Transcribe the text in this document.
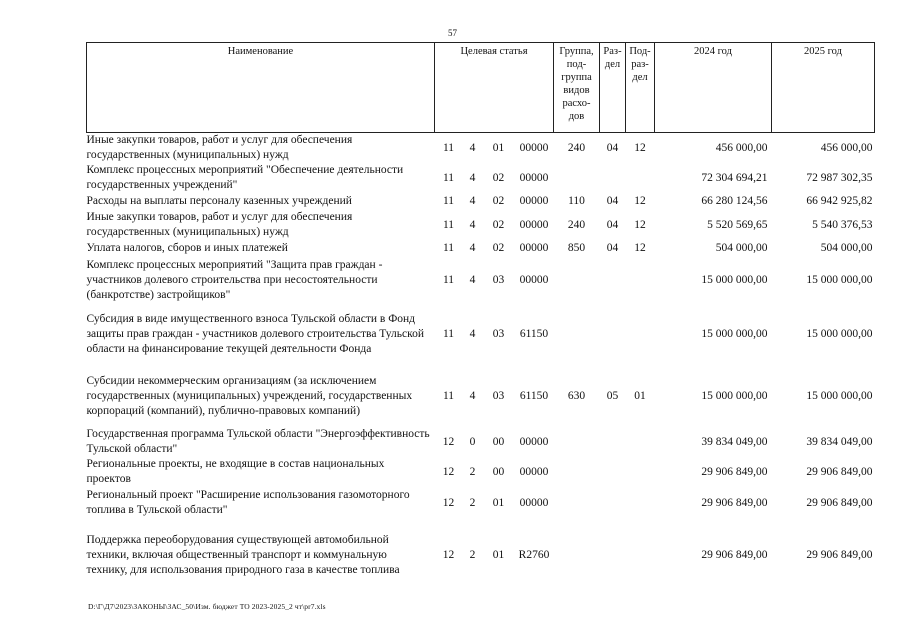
57
Наименование	Целевая статья				Группа, под-группа видов расхо-дов	Раз-дел	Под-раз-дел	2024 год	2025 год
Иные закупки товаров, работ и услуг для обеспечения государственных (муниципальных) нужд	11	4	01	00000	240	04	12	456 000,00	456 000,00
Комплекс процессных мероприятий "Обеспечение деятельности государственных учреждений"	11	4	02	00000				72 304 694,21	72 987 302,35
Расходы на выплаты персоналу казенных учреждений	11	4	02	00000	110	04	12	66 280 124,56	66 942 925,82
Иные закупки товаров, работ и услуг для обеспечения государственных (муниципальных) нужд	11	4	02	00000	240	04	12	5 520 569,65	5 540 376,53
Уплата налогов, сборов и иных платежей	11	4	02	00000	850	04	12	504 000,00	504 000,00
Комплекс процессных мероприятий "Защита прав граждан - участников долевого строительства при несостоятельности (банкротстве) застройщиков"	11	4	03	00000				15 000 000,00	15 000 000,00
Субсидия в виде имущественного взноса Тульской области в Фонд защиты прав граждан - участников долевого строительства Тульской области на финансирование текущей деятельности Фонда	11	4	03	61150				15 000 000,00	15 000 000,00
Субсидии некоммерческим организациям (за исключением государственных (муниципальных) учреждений, государственных корпораций (компаний), публично-правовых компаний)	11	4	03	61150	630	05	01	15 000 000,00	15 000 000,00
Государственная программа Тульской области "Энергоэффективность Тульской области"	12	0	00	00000				39 834 049,00	39 834 049,00
Региональные проекты, не входящие в состав национальных проектов	12	2	00	00000				29 906 849,00	29 906 849,00
Региональный проект "Расширение использования газомоторного топлива в Тульской области"	12	2	01	00000				29 906 849,00	29 906 849,00
Поддержка переоборудования существующей автомобильной техники, включая общественный транспорт и коммунальную технику, для использования природного газа в качестве топлива	12	2	01	R2760				29 906 849,00	29 906 849,00
D:\Г\Д7\2023\ЗАКОНЫ\ЗАС_50\Изм. бюджет ТО 2023-2025_2 чт\pr7.xls
